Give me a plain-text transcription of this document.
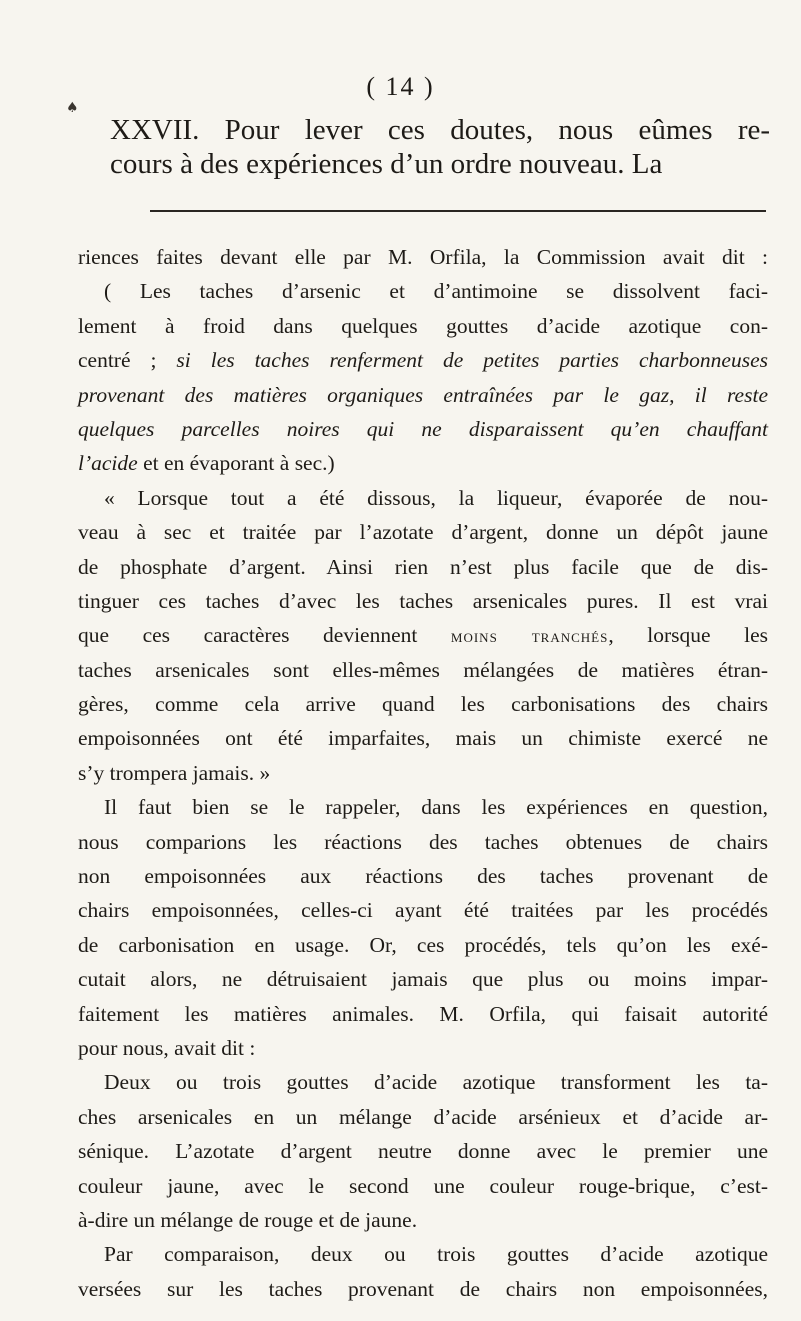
♠
( 14 )
XXVII. Pour lever ces doutes, nous eûmes re-
cours à des expériences d’un ordre nouveau. La
riences faites devant elle par M. Orfila, la Commission avait dit :
( Les taches d’arsenic et d’antimoine se dissolvent faci-
lement à froid dans quelques gouttes d’acide azotique con-
centré ; si les taches renferment de petites parties charbonneuses
provenant des matières organiques entraînées par le gaz, il reste
quelques parcelles noires qui ne disparaissent qu’en chauffant
l’acide et en évaporant à sec.)
« Lorsque tout a été dissous, la liqueur, évaporée de nou-
veau à sec et traitée par l’azotate d’argent, donne un dépôt jaune
de phosphate d’argent. Ainsi rien n’est plus facile que de dis-
tinguer ces taches d’avec les taches arsenicales pures. Il est vrai
que ces caractères deviennent moins tranchés, lorsque les
taches arsenicales sont elles-mêmes mélangées de matières étran-
gères, comme cela arrive quand les carbonisations des chairs
empoisonnées ont été imparfaites, mais un chimiste exercé ne
s’y trompera jamais. »
Il faut bien se le rappeler, dans les expériences en question,
nous comparions les réactions des taches obtenues de chairs
non empoisonnées aux réactions des taches provenant de
chairs empoisonnées, celles-ci ayant été traitées par les procédés
de carbonisation en usage. Or, ces procédés, tels qu’on les exé-
cutait alors, ne détruisaient jamais que plus ou moins impar-
faitement les matières animales. M. Orfila, qui faisait autorité
pour nous, avait dit :
Deux ou trois gouttes d’acide azotique transforment les ta-
ches arsenicales en un mélange d’acide arsénieux et d’acide ar-
sénique. L’azotate d’argent neutre donne avec le premier une
couleur jaune, avec le second une couleur rouge-brique, c’est-
à-dire un mélange de rouge et de jaune.
Par comparaison, deux ou trois gouttes d’acide azotique
versées sur les taches provenant de chairs non empoisonnées,
